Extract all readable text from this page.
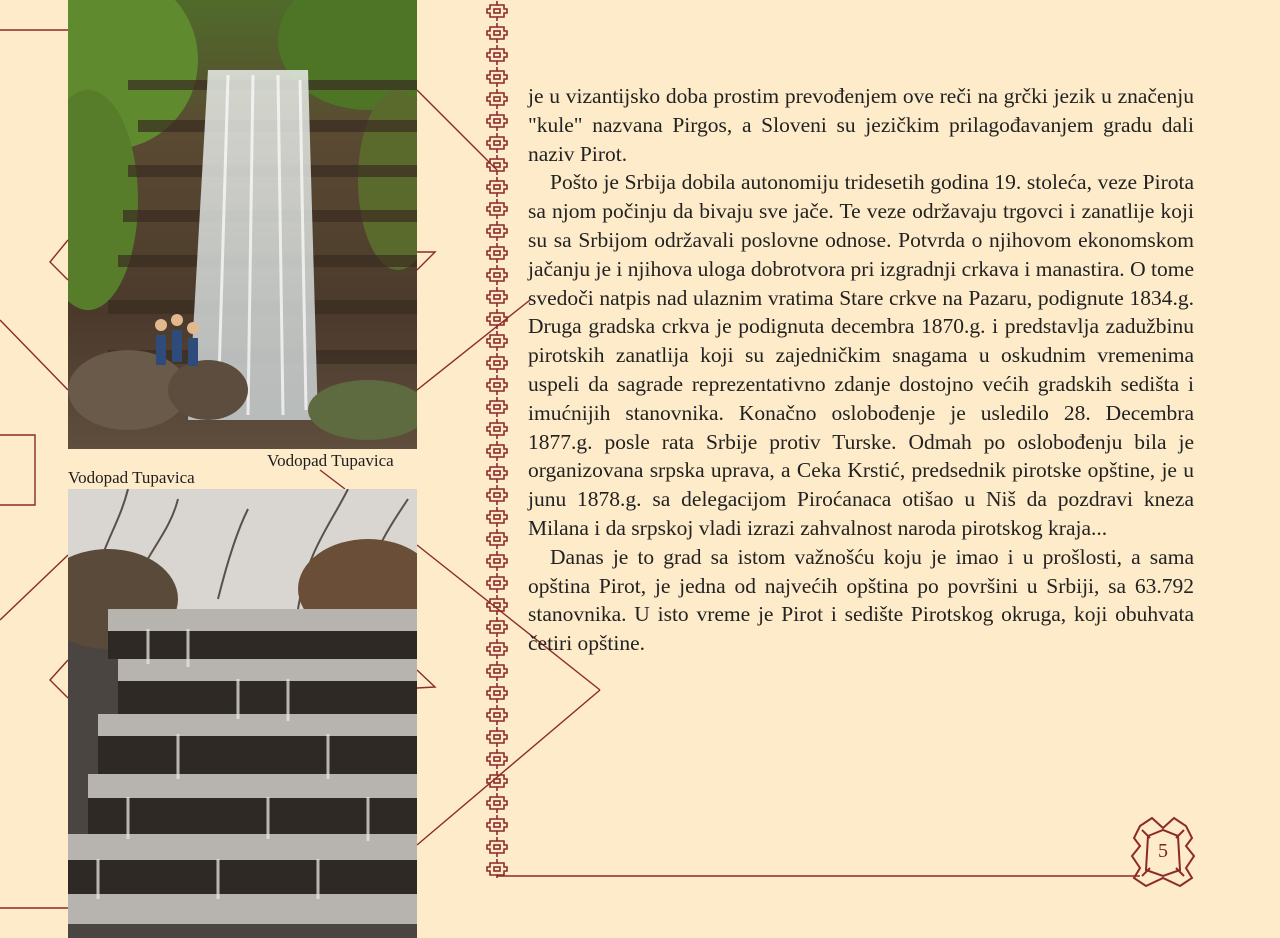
Vodopad Tupavica
Vodopad Tupavica

je u vizantijsko doba prostim prevođenjem ove reči na grčki jezik u značenju "kule" nazvana Pirgos, a Sloveni su jezičkim prilagođavanjem gradu dali naziv Pirot.

Pošto je Srbija dobila autonomiju tridesetih godina 19. stoleća, veze Pirota sa njom počinju da bivaju sve jače. Te veze održavaju trgovci i zanatlije koji su sa Srbijom održavali poslovne odnose. Potvrda o njihovom ekonomskom jačanju je i njihova uloga dobrotvora pri izgradnji crkava i manastira. O tome svedoči natpis nad ulaznim vratima Stare crkve na Pazaru, podignute 1834.g. Druga gradska crkva je podignuta decembra 1870.g. i predstavlja zadužbinu pirotskih zanatlija koji su zajedničkim snagama u oskudnim vremenima uspeli da sagrade reprezentativno zdanje dostojno većih gradskih sedišta i imućnijih stanovnika. Konačno oslobođenje je usledilo 28. Decembra 1877.g. posle rata Srbije protiv Turske. Odmah po oslobođenju bila je organizovana srpska uprava, a Ceka Krstić, predsednik pirotske opštine, je u junu 1878.g. sa delegacijom Piroćanaca otišao u Niš da pozdravi kneza Milana i da srpskoj vladi izrazi zahvalnost naroda pirotskog kraja...

Danas je to grad sa istom važnošću koju je imao i u prošlosti, a sama opština Pirot, je jedna od najvećih opština po površini u Srbiji, sa 63.792 stanovnika. U isto vreme je Pirot i sedište Pirotskog okruga, koji obuhvata četiri opštine.

5
